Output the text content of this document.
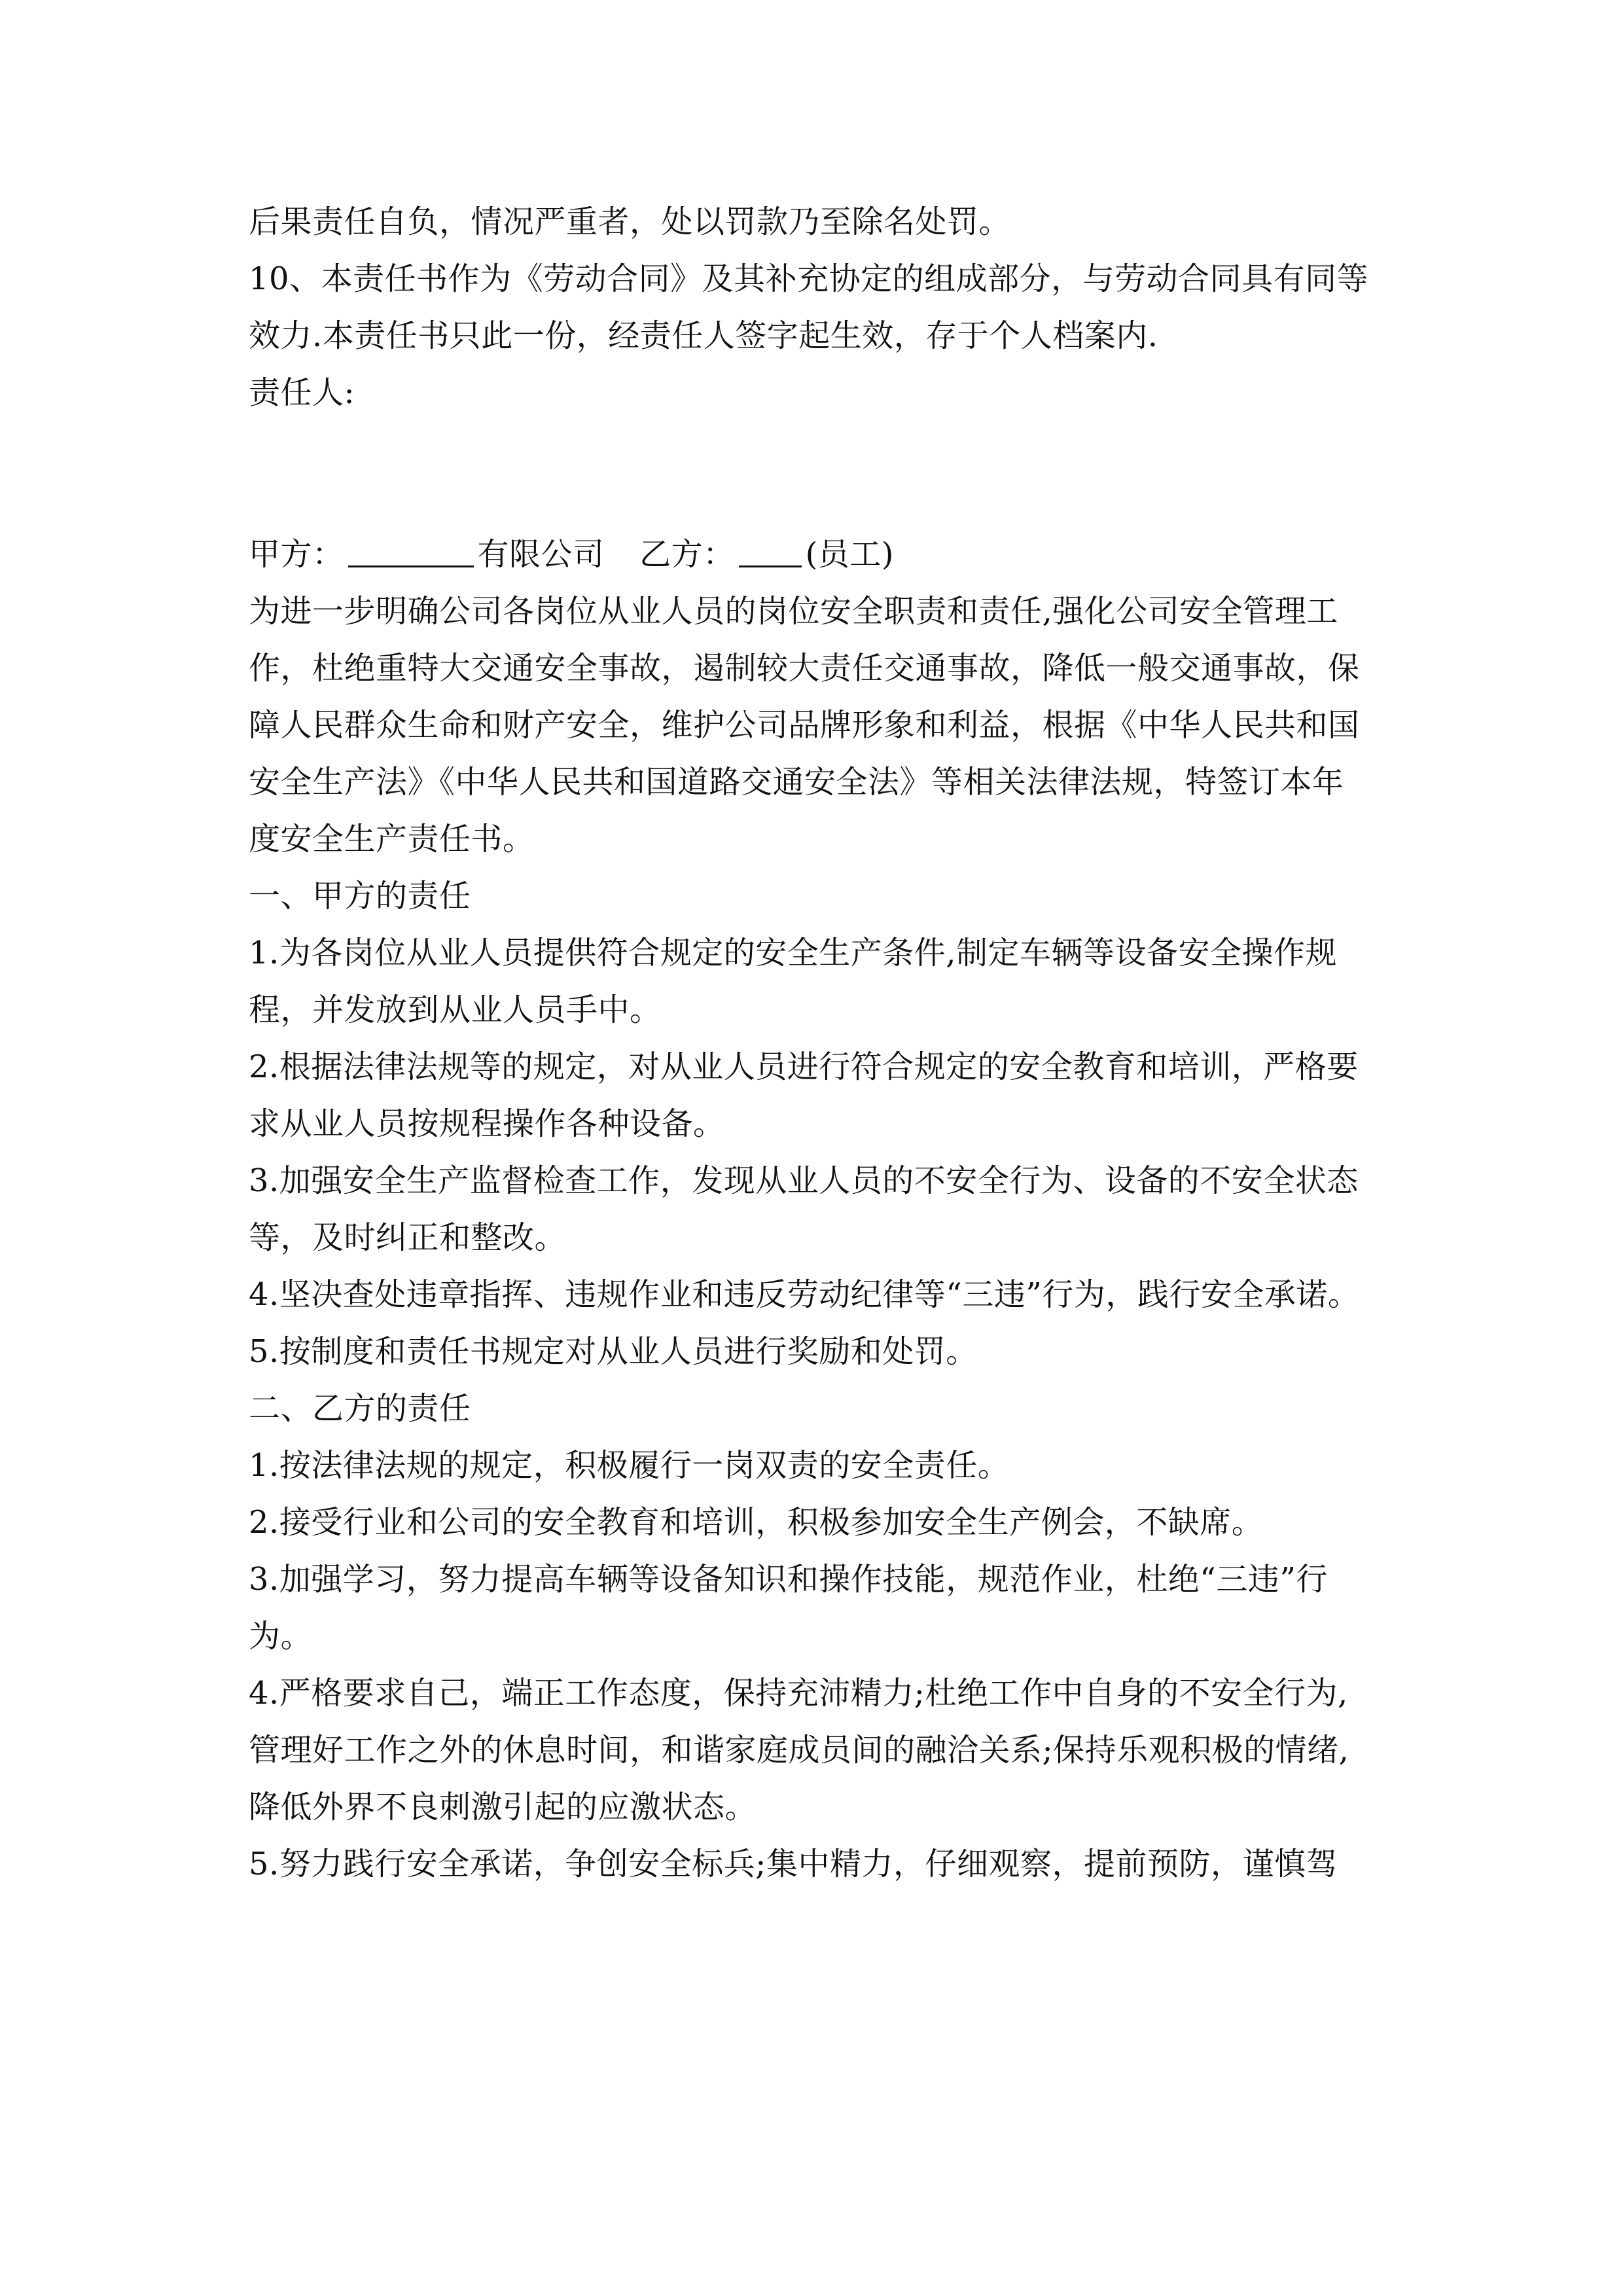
后果责任自负，情况严重者，处以罚款乃至除名处罚。
10、本责任书作为《劳动合同》及其补充协定的组成部分，与劳动合同具有同等
效力.本责任书只此一份，经责任人签字起生效，存于个人档案内.
责任人:
甲方：	有限公司 乙方： (员工)
为进一步明确公司各岗位从业人员的岗位安全职责和责任,强化公司安全管理工
作，杜绝重特大交通安全事故，遏制较大责任交通事故，降低一般交通事故，保
障人民群众生命和财产安全，维护公司品牌形象和利益，根据《中华人民共和国
安全生产法》《中华人民共和国道路交通安全法》等相关法律法规，特签订本年
度安全生产责任书。
一、甲方的责任
1.为各岗位从业人员提供符合规定的安全生产条件,制定车辆等设备安全操作规
程，并发放到从业人员手中。
2.根据法律法规等的规定，对从业人员进行符合规定的安全教育和培训，严格要
求从业人员按规程操作各种设备。
3.加强安全生产监督检查工作，发现从业人员的不安全行为、设备的不安全状态
等，及时纠正和整改。
4.坚决查处违章指挥、违规作业和违反劳动纪律等“三违”行为，践行安全承诺。
5.按制度和责任书规定对从业人员进行奖励和处罚。
二、乙方的责任
1.按法律法规的规定，积极履行一岗双责的安全责任。
2.接受行业和公司的安全教育和培训，积极参加安全生产例会，不缺席。
3.加强学习，努力提高车辆等设备知识和操作技能，规范作业，杜绝“三违”行
为。
4.严格要求自己，端正工作态度，保持充沛精力;杜绝工作中自身的不安全行为,
管理好工作之外的休息时间，和谐家庭成员间的融洽关系;保持乐观积极的情绪,
降低外界不良刺激引起的应激状态。
5.努力践行安全承诺，争创安全标兵;集中精力，仔细观察，提前预防，谨慎驾
